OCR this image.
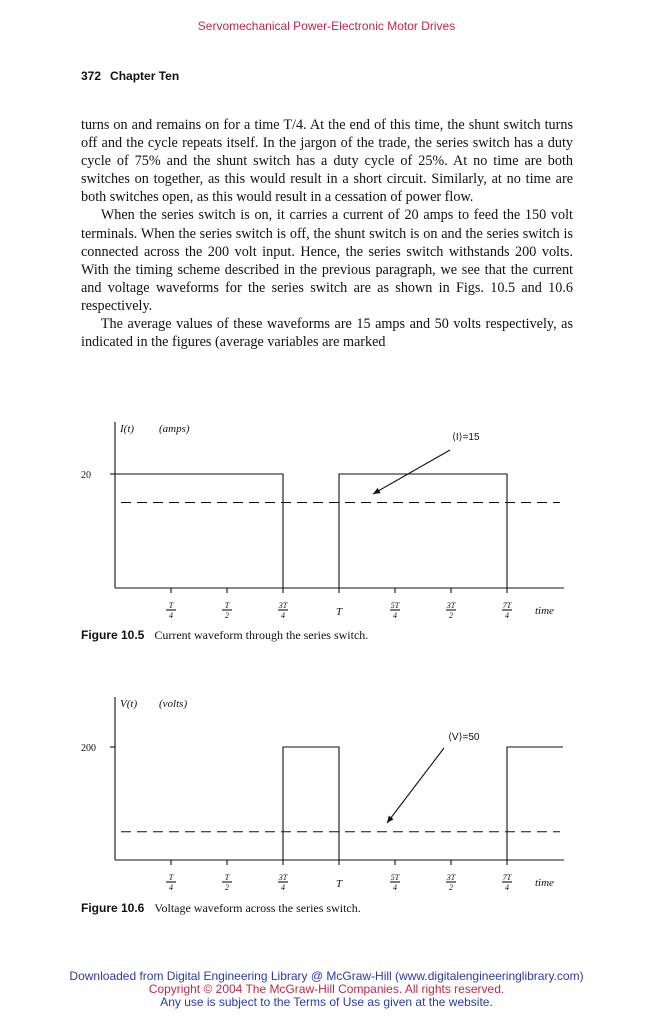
Servomechanical Power-Electronic Motor Drives
372 Chapter Ten

turns on and remains on for a time T/4. At the end of this time, the shunt switch turns off and the cycle repeats itself. In the jargon of the trade, the series switch has a duty cycle of 75% and the shunt switch has a duty cycle of 25%. At no time are both switches on together, as this would result in a short circuit. Similarly, at no time are both switches open, as this would result in a cessation of power flow.

When the series switch is on, it carries a current of 20 amps to feed the 150 volt terminals. When the series switch is off, the shunt switch is on and the series switch is connected across the 200 volt input. Hence, the series switch withstands 200 volts. With the timing scheme described in the previous paragraph, we see that the current and voltage waveforms for the series switch are as shown in Figs. 10.5 and 10.6 respectively.

The average values of these waveforms are 15 amps and 50 volts respectively, as indicated in the figures (average variables are marked

I(t) (amps)
20
⟨I⟩=15
T
4
T
2
3T
4	T
5T
4
3T
2
7T
4 time
Figure 10.5 Current waveform through the series switch.
V(t) (volts)
200
⟨V⟩=50
T
4
T
2
3T
4	T
5T
4
3T
2
7T
4 time
Figure 10.6 Voltage waveform across the series switch.
Downloaded from Digital Engineering Library @ McGraw-Hill (www.digitalengineeringlibrary.com)
Copyright © 2004 The McGraw-Hill Companies. All rights reserved.
Any use is subject to the Terms of Use as given at the website.
